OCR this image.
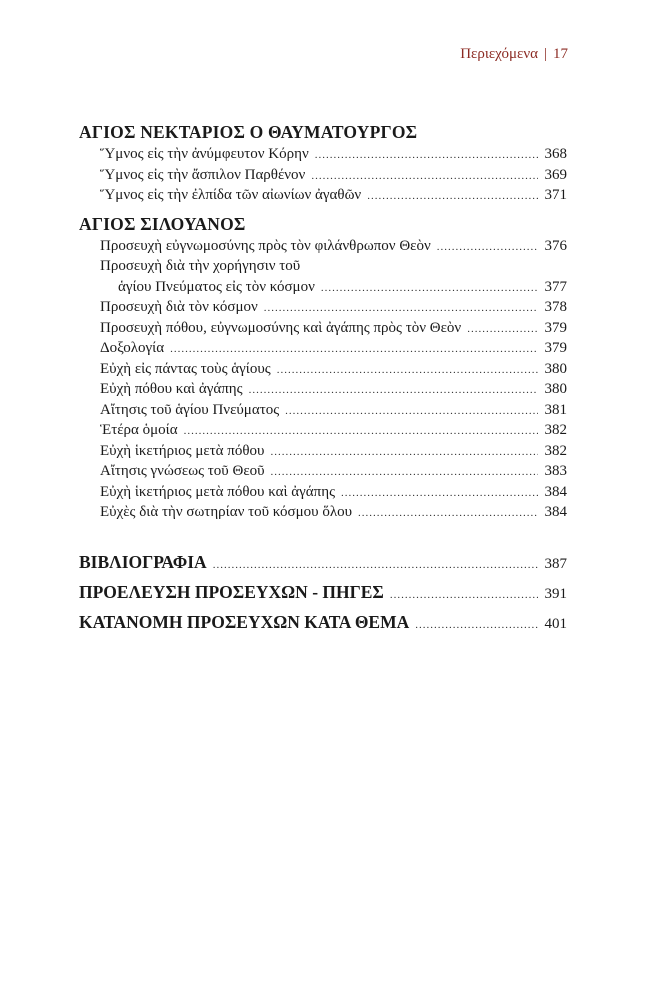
Περιεχόμενα | 17
ΑΓΙΟΣ ΝΕΚΤΑΡΙΟΣ Ο ΘΑΥΜΑΤΟΥΡΓΟΣ
Ὕμνος εἰς τὴν ἀνύμφευτον Κόρην .....	368
Ὕμνος εἰς τὴν ἄσπιλον Παρθένον .....	369
Ὕμνος εἰς τὴν ἐλπίδα τῶν αἰωνίων ἀγαθῶν .....	371
ΑΓΙΟΣ ΣΙΛΟΥΑΝΟΣ
Προσευχὴ εὐγνωμοσύνης πρὸς τὸν φιλάνθρωπον Θεὸν .....	376
Προσευχὴ διὰ τὴν χορήγησιν τοῦ
ἁγίου Πνεύματος εἰς τὸν κόσμον .....	377
Προσευχὴ διὰ τὸν κόσμον .....	378
Προσευχὴ πόθου, εὐγνωμοσύνης καὶ ἀγάπης πρὸς τὸν Θεὸν .....	379
Δοξολογία .....	379
Εὐχὴ εἰς πάντας τοὺς ἁγίους .....	380
Εὐχὴ πόθου καὶ ἀγάπης .....	380
Αἴτησις τοῦ ἁγίου Πνεύματος .....	381
Ἑτέρα ὁμοία .....	382
Εὐχὴ ἱκετήριος μετὰ πόθου .....	382
Αἴτησις γνώσεως τοῦ Θεοῦ .....	383
Εὐχὴ ἱκετήριος μετὰ πόθου καὶ ἀγάπης .....	384
Εὐχὲς διὰ τὴν σωτηρίαν τοῦ κόσμου ὅλου .....	384
ΒΙΒΛΙΟΓΡΑΦΙΑ .....	387
ΠΡΟΕΛΕΥΣΗ ΠΡΟΣΕΥΧΩΝ - ΠΗΓΕΣ .....	391
ΚΑΤΑΝΟΜΗ ΠΡΟΣΕΥΧΩΝ ΚΑΤΑ ΘΕΜΑ .....	401
